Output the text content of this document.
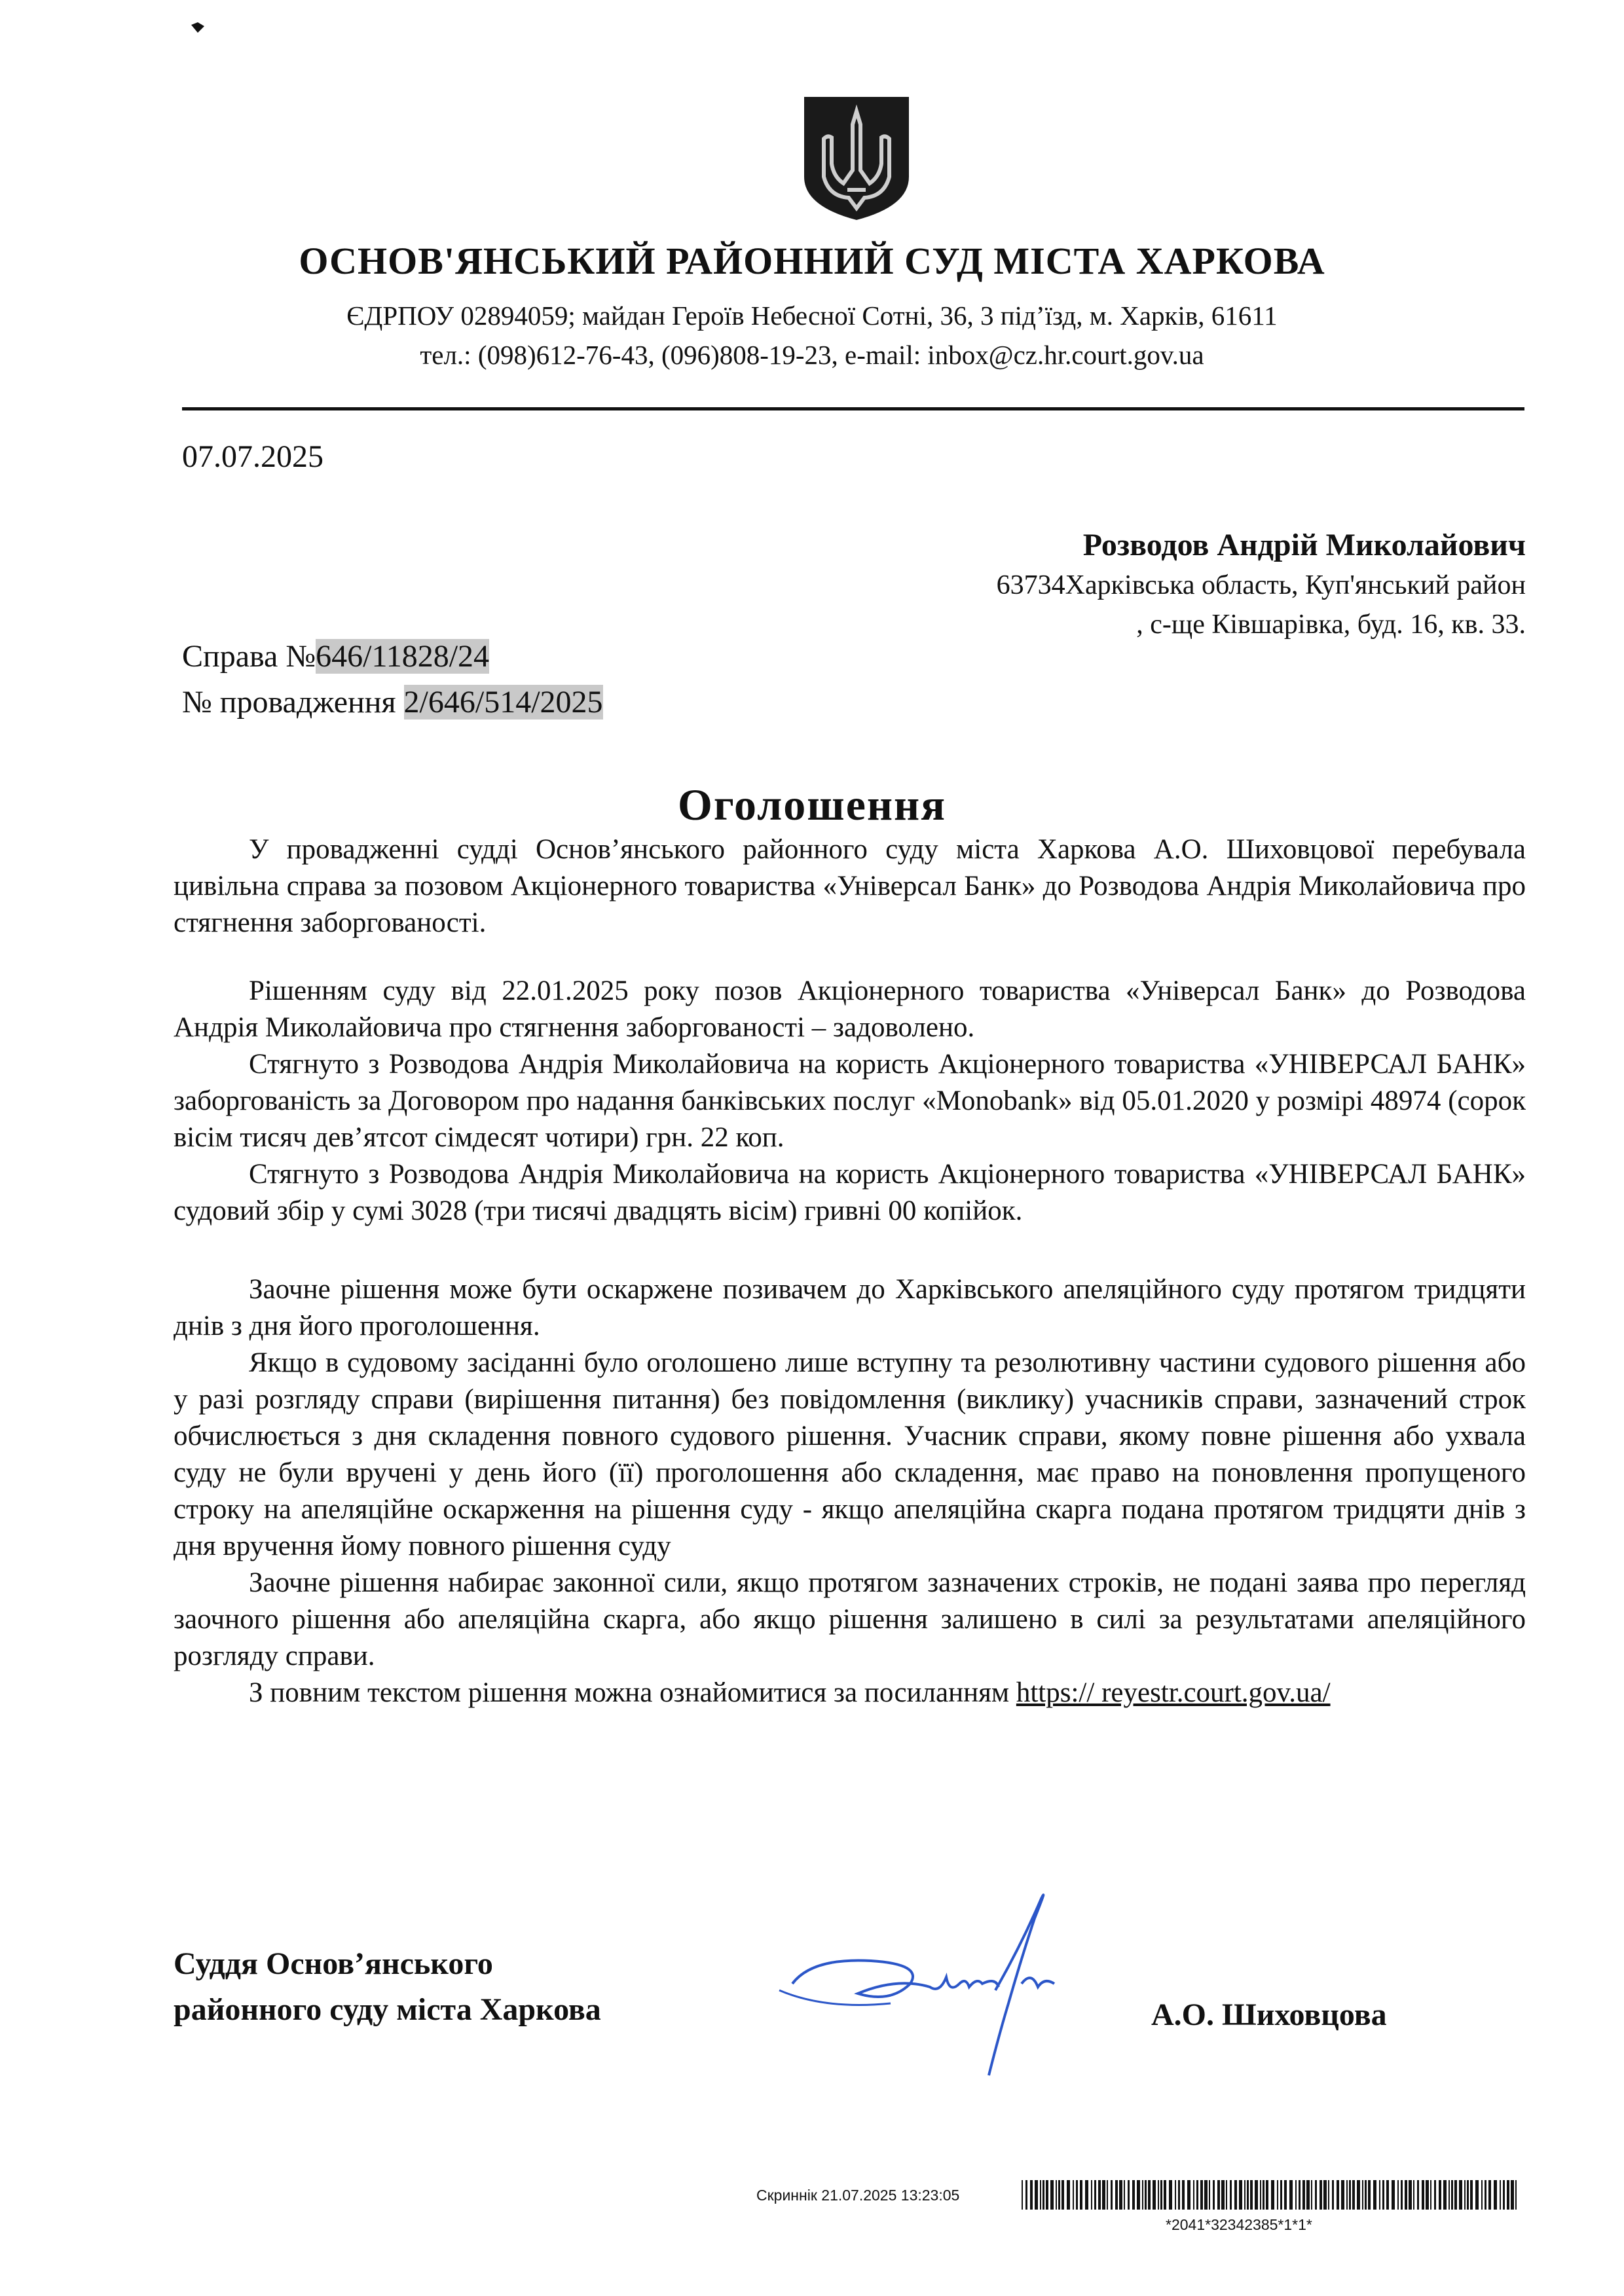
ОСНОВ'ЯНСЬКИЙ РАЙОННИЙ СУД МІСТА ХАРКОВА
ЄДРПОУ 02894059; майдан Героїв Небесної Сотні, 36, 3 під’їзд, м. Харків, 61611
тел.: (098)612-76-43, (096)808-19-23, e-mail: inbox@cz.hr.court.gov.ua
07.07.2025
Розводов Андрій Миколайович
63734Харківська область, Куп'янський район
, с-ще Ківшарівка, буд. 16, кв. 33.
Справа №646/11828/24
№ провадження 2/646/514/2025
Оголошення

У провадженні судді Основ’янського районного суду міста Харкова А.О. Шиховцової перебувала цивільна справа за позовом Акціонерного товариства «Універсал Банк» до Розводова Андрія Миколайовича про стягнення заборгованості.

Рішенням суду від 22.01.2025 року позов Акціонерного товариства «Універсал Банк» до Розводова Андрія Миколайовича про стягнення заборгованості – задоволено.

Стягнуто з Розводова Андрія Миколайовича на користь Акціонерного товариства «УНІВЕРСАЛ БАНК» заборгованість за Договором про надання банківських послуг «Monobank» від 05.01.2020 у розмірі 48974 (сорок вісім тисяч дев’ятсот сімдесят чотири) грн. 22 коп.

Стягнуто з Розводова Андрія Миколайовича на користь Акціонерного товариства «УНІВЕРСАЛ БАНК» судовий збір у сумі 3028 (три тисячі двадцять вісім) гривні 00 копійок.

Заочне рішення може бути оскаржене позивачем до Харківського апеляційного суду протягом тридцяти днів з дня його проголошення.

Якщо в судовому засіданні було оголошено лише вступну та резолютивну частини судового рішення або у разі розгляду справи (вирішення питання) без повідомлення (виклику) учасників справи, зазначений строк обчислюється з дня складення повного судового рішення. Учасник справи, якому повне рішення або ухвала суду не були вручені у день його (її) проголошення або складення, має право на поновлення пропущеного строку на апеляційне оскарження на рішення суду - якщо апеляційна скарга подана протягом тридцяти днів з дня вручення йому повного рішення суду

Заочне рішення набирає законної сили, якщо протягом зазначених строків, не подані заява про перегляд заочного рішення або апеляційна скарга, або якщо рішення залишено в силі за результатами апеляційного розгляду справи.

З повним текстом рішення можна ознайомитися за посиланням https:// reyestr.court.gov.ua/

Суддя Основ’янського
районного суду міста Харкова	А.О. Шиховцова
Скриннік 21.07.2025 13:23:05
*2041*32342385*1*1*
